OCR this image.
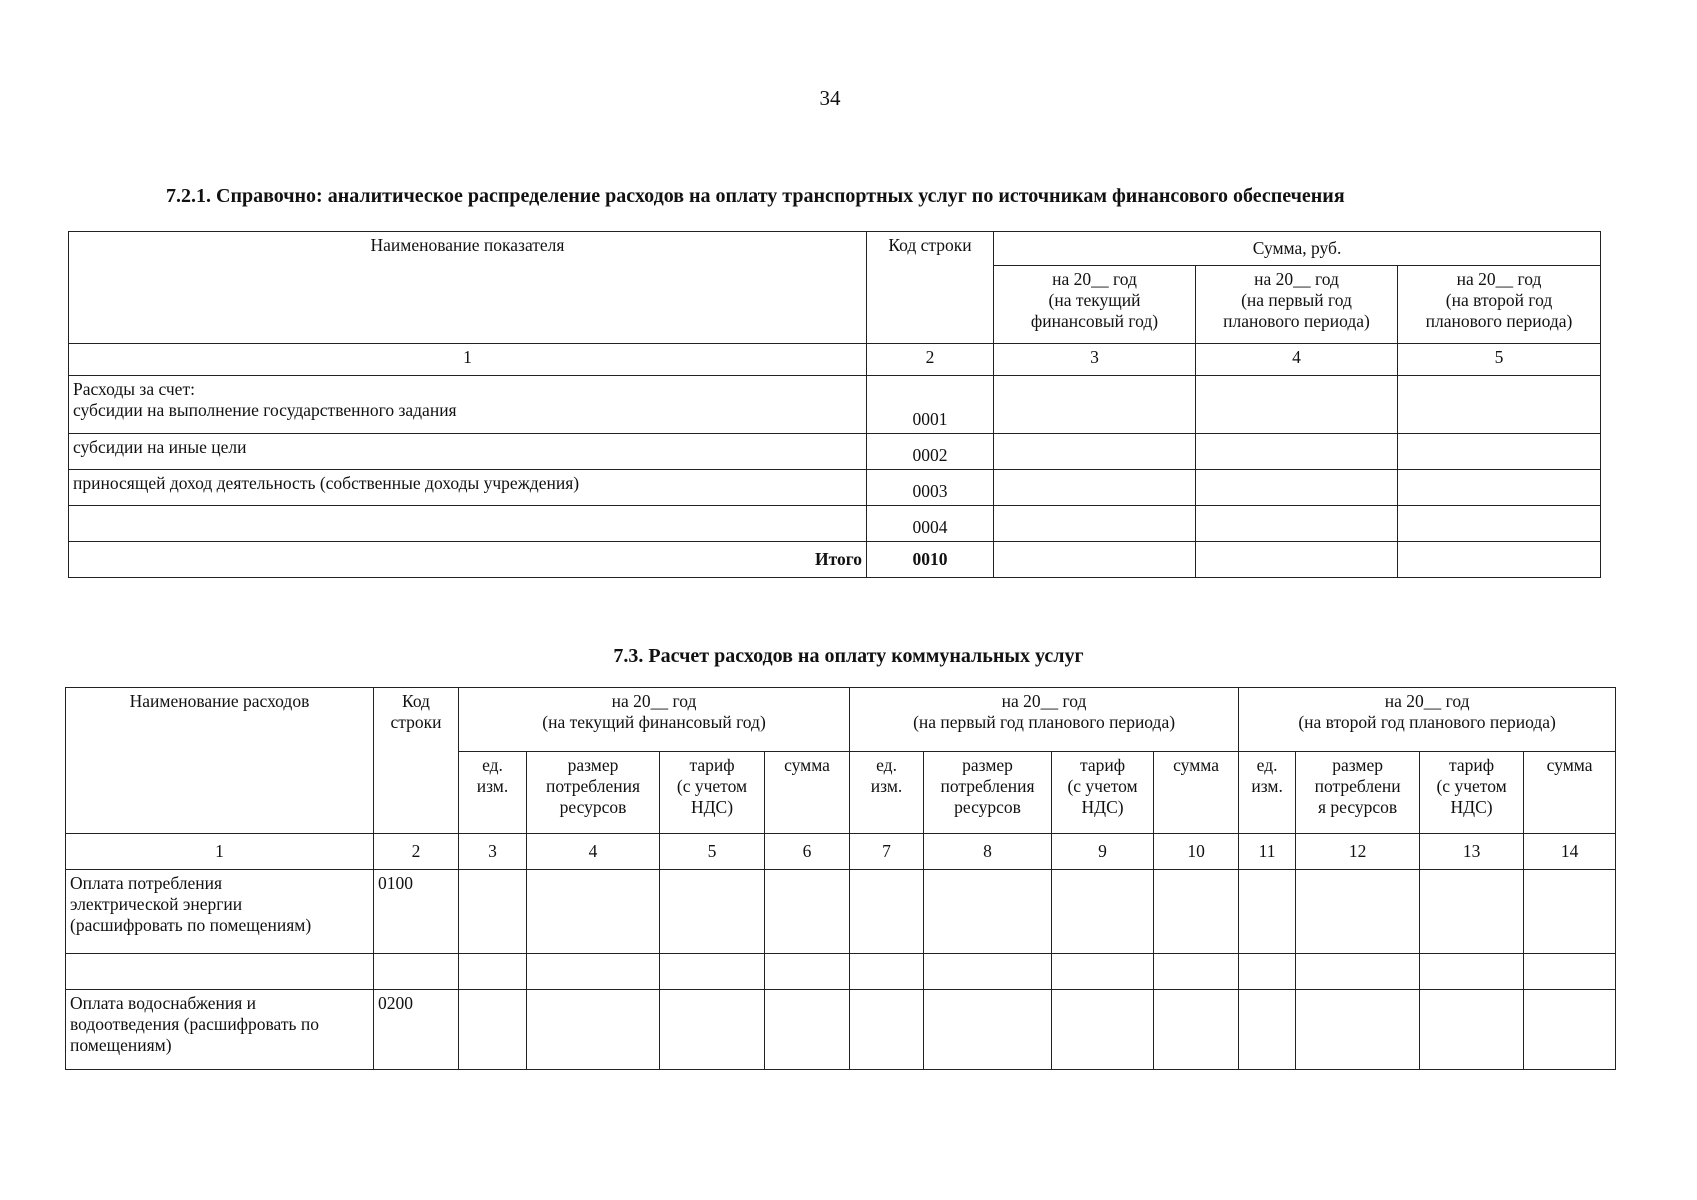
34
7.2.1. Справочно: аналитическое распределение расходов на оплату транспортных услуг по источникам финансового обеспечения
Наименование показателя	Код строки	Сумма, руб.		
		на 20__ год
(на текущий
финансовый год)	на 20__ год
(на первый год
планового периода)	на 20__ год
(на второй год
планового периода)
1	2	3	4	5
Расходы за счет:
субсидии на выполнение государственного задания	0001			
субсидии на иные цели	0002			
приносящей доход деятельность (собственные доходы учреждения)	0003			
	0004			
Итого	0010			
7.3. Расчет расходов на оплату коммунальных услуг
Наименование расходов	Код
строки	на 20__ год
(на текущий финансовый год)				на 20__ год
(на первый год планового периода)				на 20__ год
(на второй год планового периода)			
		ед.
изм.	размер
потребления
ресурсов	тариф
(с учетом
НДС)	сумма	ед.
изм.	размер
потребления
ресурсов	тариф
(с учетом
НДС)	сумма	ед.
изм.	размер
потреблени
я ресурсов	тариф
(с учетом
НДС)	сумма
1	2	3	4	5	6	7	8	9	10	11	12	13	14
Оплата потребления
электрической энергии
(расшифровать по помещениям)	0100												

Оплата водоснабжения и
водоотведения (расшифровать по
помещениям)	0200												
